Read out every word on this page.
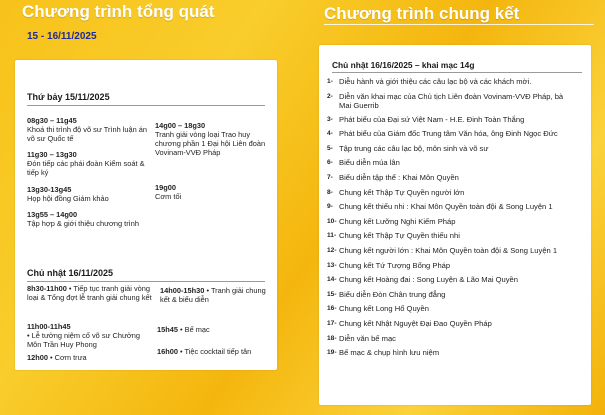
Chương trình tổng quát
15 - 16/11/2025
Chương trình chung kết
Thứ bảy 15/11/2025
08g30 – 11g45
Khoá thi trình độ võ sư Trình luận án võ sư Quốc tế
11g30 – 13g30
Đón tiếp các phái đoàn Kiểm soát & tiếp ký
13g30-13g45
Họp hội đồng Giám khảo
13g55 – 14g00
Tập hợp & giới thiệu chương trình
14g00 – 18g30
Tranh giải vòng loại Trao huy chương phần 1 Đại hội Liên đoàn Vovinam-VVĐ Pháp
19g00
Cơm tối
Chủ nhật 16/11/2025
8h30-11h00 • Tiếp tục tranh giải vòng loại & Tổng đợt lễ tranh giải chung kết
11h00-11h45
• Lễ tưởng niệm cố võ sư Chưởng Môn Trần Huy Phong
12h00 • Cơm trưa
14h00-15h30 • Tranh giải chung kết & biểu diễn
15h45 • Bế mạc
16h00 • Tiệc cocktail tiếp tân
Chủ nhật 16/16/2025 – khai mạc 14g
1- Diễu hành và giới thiệu các câu lạc bộ và các khách mời.
2- Diễn văn khai mạc của Chủ tịch Liên đoàn Vovinam-VVĐ Pháp, bà Mai Guerrib
3- Phát biểu của Đại sứ Việt Nam - H.E. Đinh Toàn Thắng
4- Phát biểu của Giám đốc Trung tâm Văn hóa, ông Đinh Ngọc Đức
5- Tập trung các câu lạc bộ, môn sinh và võ sư
6- Biểu diễn múa lân
7- Biểu diễn tập thể : Khai Môn Quyền
8- Chung kết Thập Tự Quyền người lớn
9- Chung kết thiếu nhi : Khai Môn Quyền toàn đội & Song Luyện 1
10- Chung kết Lưỡng Nghi Kiếm Pháp
11- Chung kết Thập Tự Quyền thiếu nhi
12- Chung kết người lớn : Khai Môn Quyền toàn đội & Song Luyện 1
13- Chung kết Tứ Tượng Bổng Pháp
14- Chung kết Hoàng đai : Song Luyện & Lão Mai Quyền
15- Biểu diễn Đòn Chân trung đẳng
16- Chung kết Long Hổ Quyền
17- Chung kết Nhật Nguyệt Đại Đao Quyền Pháp
18- Diễn văn bế mạc
19- Bế mạc & chụp hình lưu niệm
